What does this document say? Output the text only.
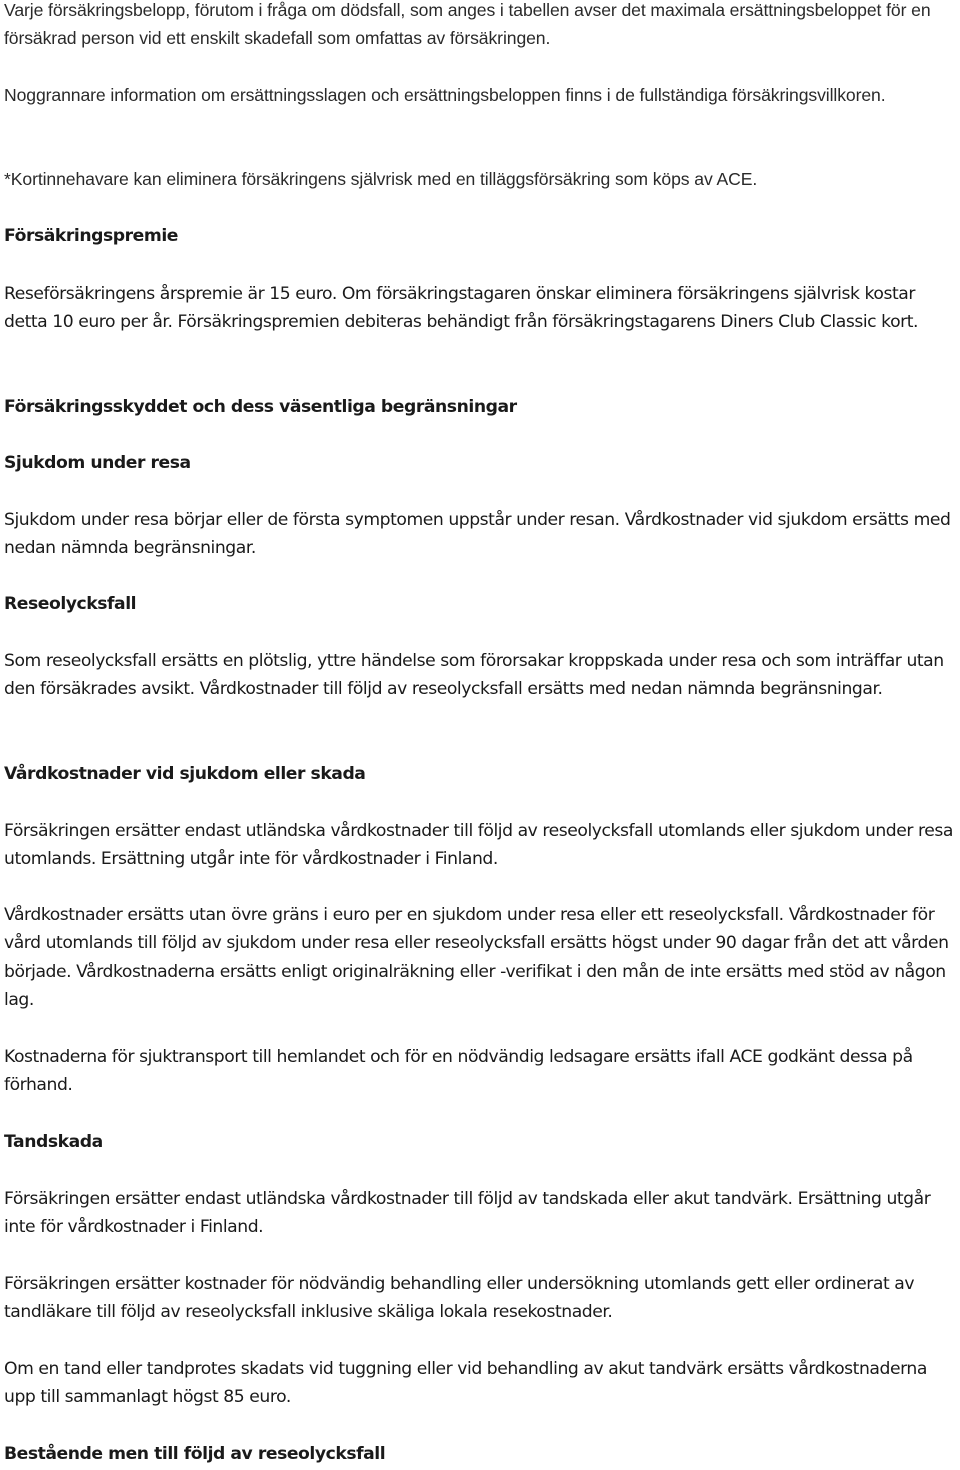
Varje försäkringsbelopp, förutom i fråga om dödsfall, som anges i tabellen avser det maximala ersättningsbeloppet för en försäkrad person vid ett enskilt skadefall som omfattas av försäkringen.

Noggrannare information om ersättningsslagen och ersättningsbeloppen finns i de fullständiga försäkringsvillkoren.

*Kortinnehavare kan eliminera försäkringens självrisk med en tilläggsförsäkring som köps av ACE.

Försäkringspremie

Reseförsäkringens årspremie är 15 euro. Om försäkringstagaren önskar eliminera försäkringens självrisk kostar detta 10 euro per år. Försäkringspremien debiteras behändigt från försäkringstagarens Diners Club Classic kort.

Försäkringsskyddet och dess väsentliga begränsningar
Sjukdom under resa

Sjukdom under resa börjar eller de första symptomen uppstår under resan. Vårdkostnader vid sjukdom ersätts med nedan nämnda begränsningar.

Reseolycksfall

Som reseolycksfall ersätts en plötslig, yttre händelse som förorsakar kroppskada under resa och som inträffar utan den försäkrades avsikt. Vårdkostnader till följd av reseolycksfall ersätts med nedan nämnda begränsningar.

Vårdkostnader vid sjukdom eller skada

Försäkringen ersätter endast utländska vårdkostnader till följd av reseolycksfall utomlands eller sjukdom under resa utomlands. Ersättning utgår inte för vårdkostnader i Finland.

Vårdkostnader ersätts utan övre gräns i euro per en sjukdom under resa eller ett reseolycksfall. Vårdkostnader för vård utomlands till följd av sjukdom under resa eller reseolycksfall ersätts högst under 90 dagar från det att vården började. Vårdkostnaderna ersätts enligt originalräkning eller -verifikat i den mån de inte ersätts med stöd av någon lag.

Kostnaderna för sjuktransport till hemlandet och för en nödvändig ledsagare ersätts ifall ACE godkänt dessa på förhand.

Tandskada

Försäkringen ersätter endast utländska vårdkostnader till följd av tandskada eller akut tandvärk. Ersättning utgår inte för vårdkostnader i Finland.

Försäkringen ersätter kostnader för nödvändig behandling eller undersökning utomlands gett eller ordinerat av tandläkare till följd av reseolycksfall inklusive skäliga lokala resekostnader.

Om en tand eller tandprotes skadats vid tuggning eller vid behandling av akut tandvärk ersätts vårdkostnaderna upp till sammanlagt högst 85 euro.

Bestående men till följd av reseolycksfall
